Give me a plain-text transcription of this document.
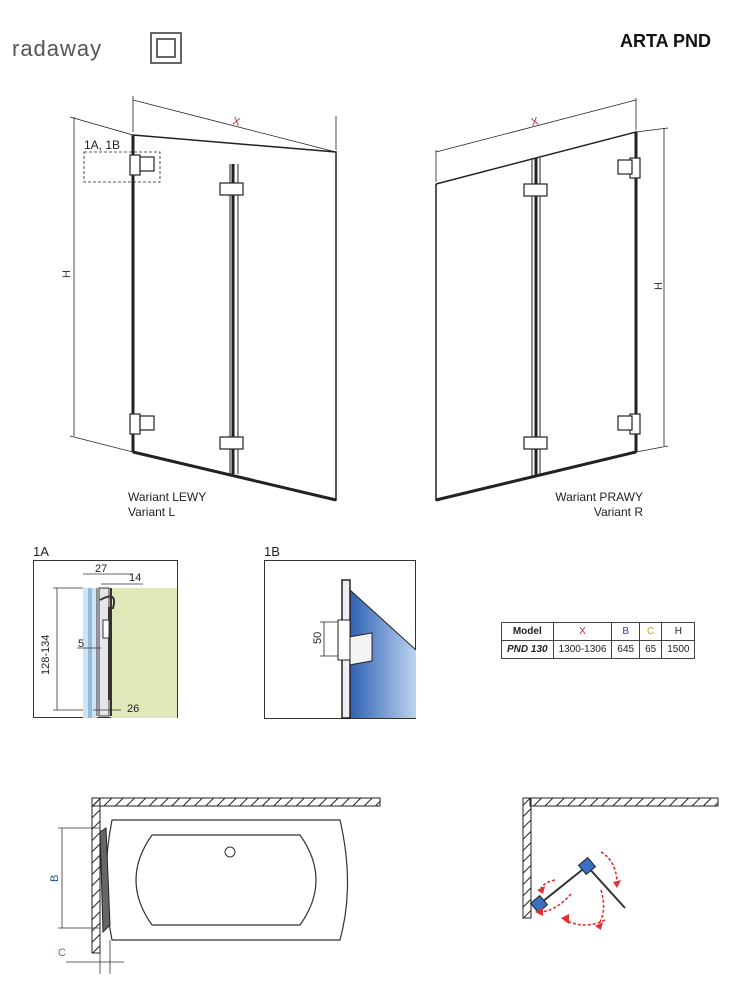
radaway	ARTA PND
X
H
1A, 1B
X
H
Wariant LEWY
Variant L
Wariant PRAWY
Variant R
1A
27
14
5
128-134
26
1B
50
Model	X	B	C	H
PND 130	1300-1306	645	65	1500
B
C
